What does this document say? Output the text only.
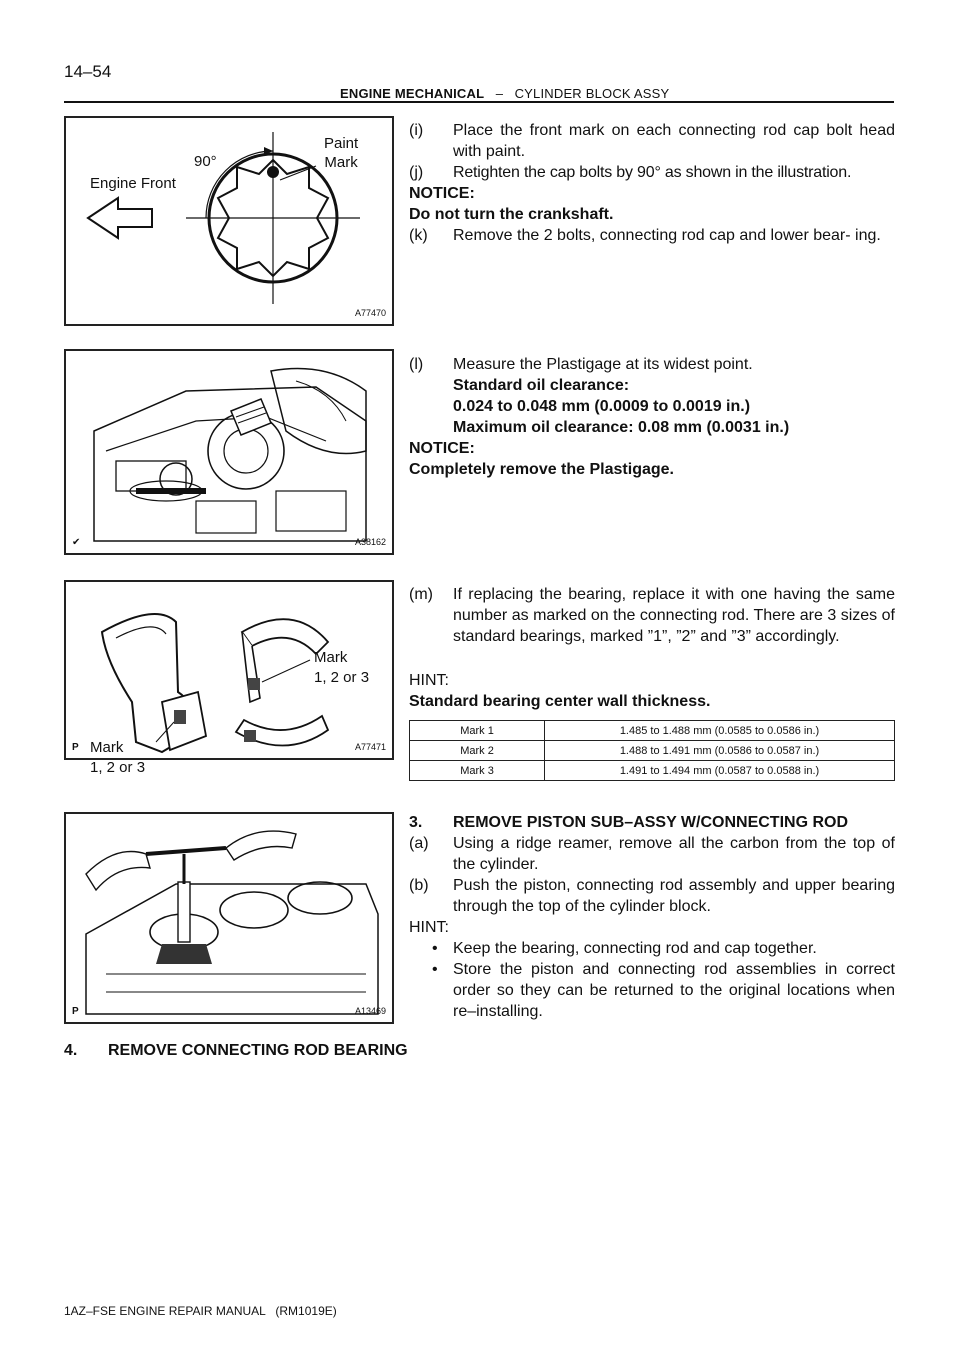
14–54
ENGINE MECHANICAL – CYLINDER BLOCK ASSY
90°
Engine Front
Paint
Mark
A77470
✔	A38162
Mark
1, 2 or 3
Mark
1, 2 or 3
P	A77471
P	A13469
(i) Place the front mark on each connecting rod cap bolt head with paint.
(j) Retighten the cap bolts by 90° as shown in the illustration.
NOTICE:
Do not turn the crankshaft.
(k) Remove the 2 bolts, connecting rod cap and lower bear- ing.
(l) Measure the Plastigage at its widest point.
Standard oil clearance:
0.024 to 0.048 mm (0.0009 to 0.0019 in.)
Maximum oil clearance: 0.08 mm (0.0031 in.)
NOTICE:
Completely remove the Plastigage.
(m) If replacing the bearing, replace it with one having the same number as marked on the connecting rod. There are 3 sizes of standard bearings, marked ”1”, ”2” and ”3” accordingly.
HINT:
Standard bearing center wall thickness.
Mark 1	1.485 to 1.488 mm (0.0585 to 0.0586 in.)
Mark 2	1.488 to 1.491 mm (0.0586 to 0.0587 in.)
Mark 3	1.491 to 1.494 mm (0.0587 to 0.0588 in.)
3. REMOVE PISTON SUB–ASSY W/CONNECTING ROD
(a) Using a ridge reamer, remove all the carbon from the top of the cylinder.
(b) Push the piston, connecting rod assembly and upper bearing through the top of the cylinder block.
HINT:
• Keep the bearing, connecting rod and cap together.
• Store the piston and connecting rod assemblies in correct order so they can be returned to the original locations when re–installing.
4. REMOVE CONNECTING ROD BEARING
1AZ–FSE ENGINE REPAIR MANUAL   (RM1019E)
